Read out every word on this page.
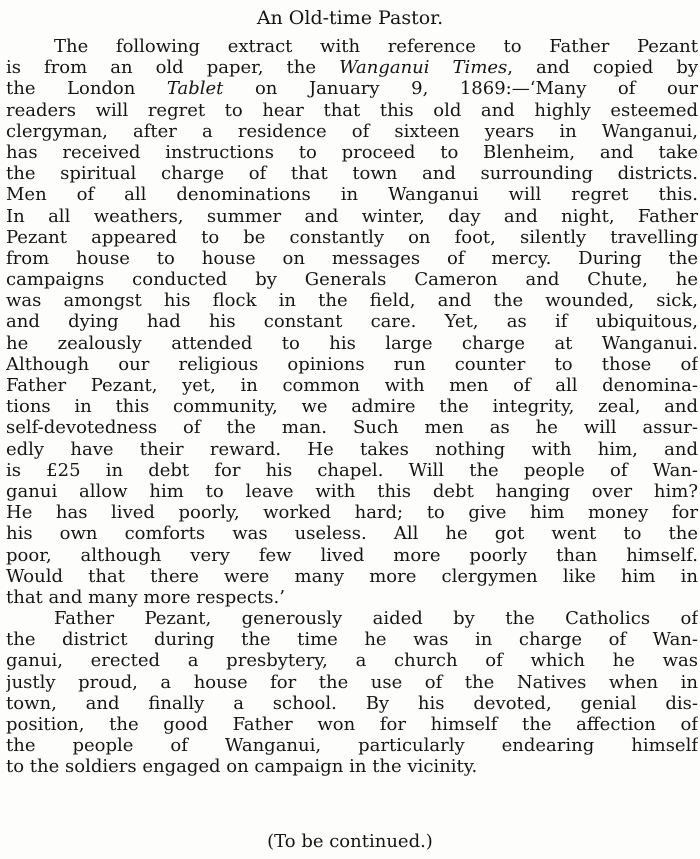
An Old-time Pastor.
The following extract with reference to Father Pezant
is from an old paper, the Wanganui Times, and copied by
the London Tablet on January 9, 1869:—‘Many of our
readers will regret to hear that this old and highly esteemed
clergyman, after a residence of sixteen years in Wanganui,
has received instructions to proceed to Blenheim, and take
the spiritual charge of that town and surrounding districts.
Men of all denominations in Wanganui will regret this.
In all weathers, summer and winter, day and night, Father
Pezant appeared to be constantly on foot, silently travelling
from house to house on messages of mercy. During the
campaigns conducted by Generals Cameron and Chute, he
was amongst his flock in the field, and the wounded, sick,
and dying had his constant care. Yet, as if ubiquitous,
he zealously attended to his large charge at Wanganui.
Although our religious opinions run counter to those of
Father Pezant, yet, in common with men of all denomina-
tions in this community, we admire the integrity, zeal, and
self-devotedness of the man. Such men as he will assur-
edly have their reward. He takes nothing with him, and
is £25 in debt for his chapel. Will the people of Wan-
ganui allow him to leave with this debt hanging over him?
He has lived poorly, worked hard; to give him money for
his own comforts was useless. All he got went to the
poor, although very few lived more poorly than himself.
Would that there were many more clergymen like him in
that and many more respects.’
Father Pezant, generously aided by the Catholics of
the district during the time he was in charge of Wan-
ganui, erected a presbytery, a church of which he was
justly proud, a house for the use of the Natives when in
town, and finally a school. By his devoted, genial dis-
position, the good Father won for himself the affection of
the people of Wanganui, particularly endearing himself
to the soldiers engaged on campaign in the vicinity.
(To be continued.)
